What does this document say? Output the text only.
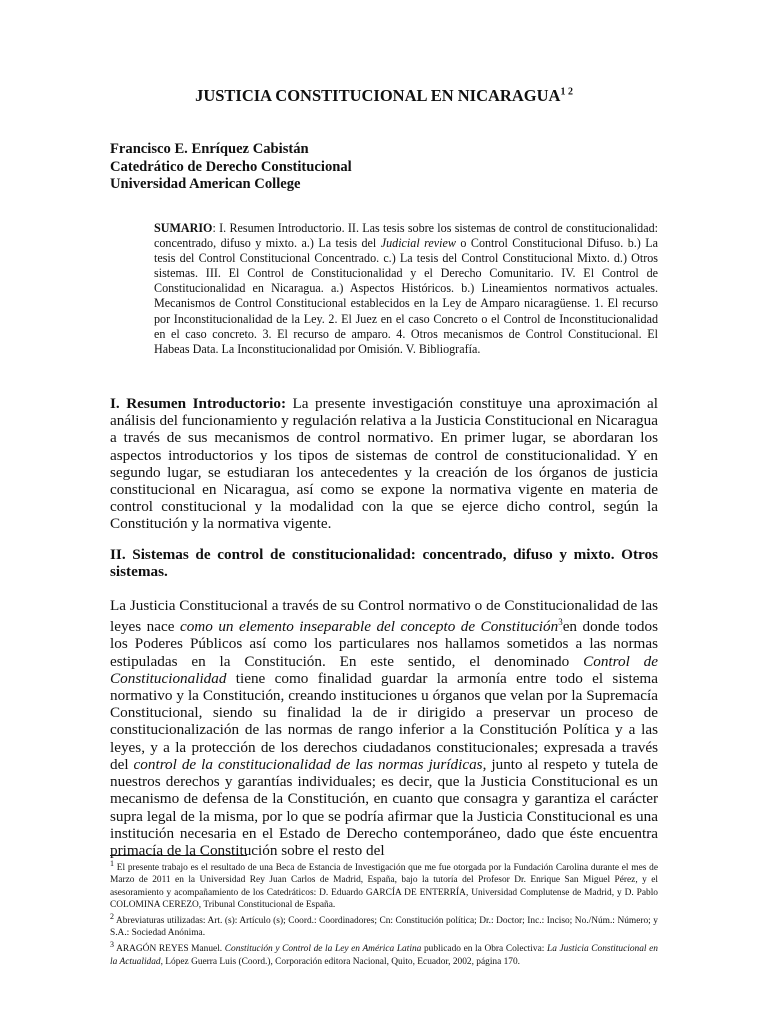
JUSTICIA CONSTITUCIONAL EN $NICARAGUA^{1 2}$
Francisco E. Enríquez Cabistán
Catedrático de Derecho Constitucional
Universidad American College
SUMARIO: I. Resumen Introductorio. II. Las tesis sobre los sistemas de control de constitucionalidad: concentrado, difuso y mixto. a.) La tesis del Judicial review o Control Constitucional Difuso. b.) La tesis del Control Constitucional Concentrado. c.) La tesis del Control Constitucional Mixto. d.) Otros sistemas. III. El Control de Constitucionalidad y el Derecho Comunitario. IV. El Control de Constitucionalidad en Nicaragua. a.) Aspectos Históricos. b.) Lineamientos normativos actuales. Mecanismos de Control Constitucional establecidos en la Ley de Amparo nicaragüense. 1. El recurso por Inconstitucionalidad de la Ley. 2. El Juez en el caso Concreto o el Control de Inconstitucionalidad en el caso concreto. 3. El recurso de amparo. 4. Otros mecanismos de Control Constitucional. El Habeas Data. La Inconstitucionalidad por Omisión. V. Bibliografía.

I. Resumen Introductorio: La presente investigación constituye una aproximación al análisis del funcionamiento y regulación relativa a la Justicia Constitucional en Nicaragua a través de sus mecanismos de control normativo. En primer lugar, se abordaran los aspectos introductorios y los tipos de sistemas de control de constitucionalidad. Y en segundo lugar, se estudiaran los antecedentes y la creación de los órganos de justicia constitucional en Nicaragua, así como se expone la normativa vigente en materia de control constitucional y la modalidad con la que se ejerce dicho control, según la Constitución y la normativa vigente.

II. Sistemas de control de constitucionalidad: concentrado, difuso y mixto. Otros sistemas.

La Justicia Constitucional a través de su Control normativo o de Constitucionalidad de las leyes nace como un elemento inseparable del concepto de Constitución$^3$en donde todos los Poderes Públicos así como los particulares nos hallamos sometidos a las normas estipuladas en la Constitución. En este sentido, el denominado Control de Constitucionalidad tiene como finalidad guardar la armonía entre todo el sistema normativo y la Constitución, creando instituciones u órganos que velan por la Supremacía Constitucional, siendo su finalidad la de ir dirigido a preservar un proceso de constitucionalización de las normas de rango inferior a la Constitución Política y a las leyes, y a la protección de los derechos ciudadanos constitucionales; expresada a través del control de la constitucionalidad de las normas jurídicas, junto al respeto y tutela de nuestros derechos y garantías individuales; es decir, que la Justicia Constitucional es un mecanismo de defensa de la Constitución, en cuanto que consagra y garantiza el carácter supra legal de la misma, por lo que se podría afirmar que la Justicia Constitucional es una institución necesaria en el Estado de Derecho contemporáneo, dado que éste encuentra primacía de la Constitución sobre el resto del

$^1$ El presente trabajo es el resultado de una Beca de Estancia de Investigación que me fue otorgada por la Fundación Carolina durante el mes de Marzo de 2011 en la Universidad Rey Juan Carlos de Madrid, España, bajo la tutoría del Profesor Dr. Enrique San Miguel Pérez, y el asesoramiento y acompañamiento de los Catedráticos: D. Eduardo GARCÍA DE ENTERRÍA, Universidad Complutense de Madrid, y D. Pablo COLOMINA CEREZO, Tribunal Constitucional de España.

$^2$ Abreviaturas utilizadas: Art. (s): Artículo (s); Coord.: Coordinadores; Cn: Constitución política; Dr.: Doctor; Inc.: Inciso; No./Núm.: Número; y S.A.: Sociedad Anónima.

$^3$ ARAGÓN REYES Manuel. Constitución y Control de la Ley en América Latina publicado en la Obra Colectiva: La Justicia Constitucional en la Actualidad, López Guerra Luis (Coord.), Corporación editora Nacional, Quito, Ecuador, 2002, página 170.
